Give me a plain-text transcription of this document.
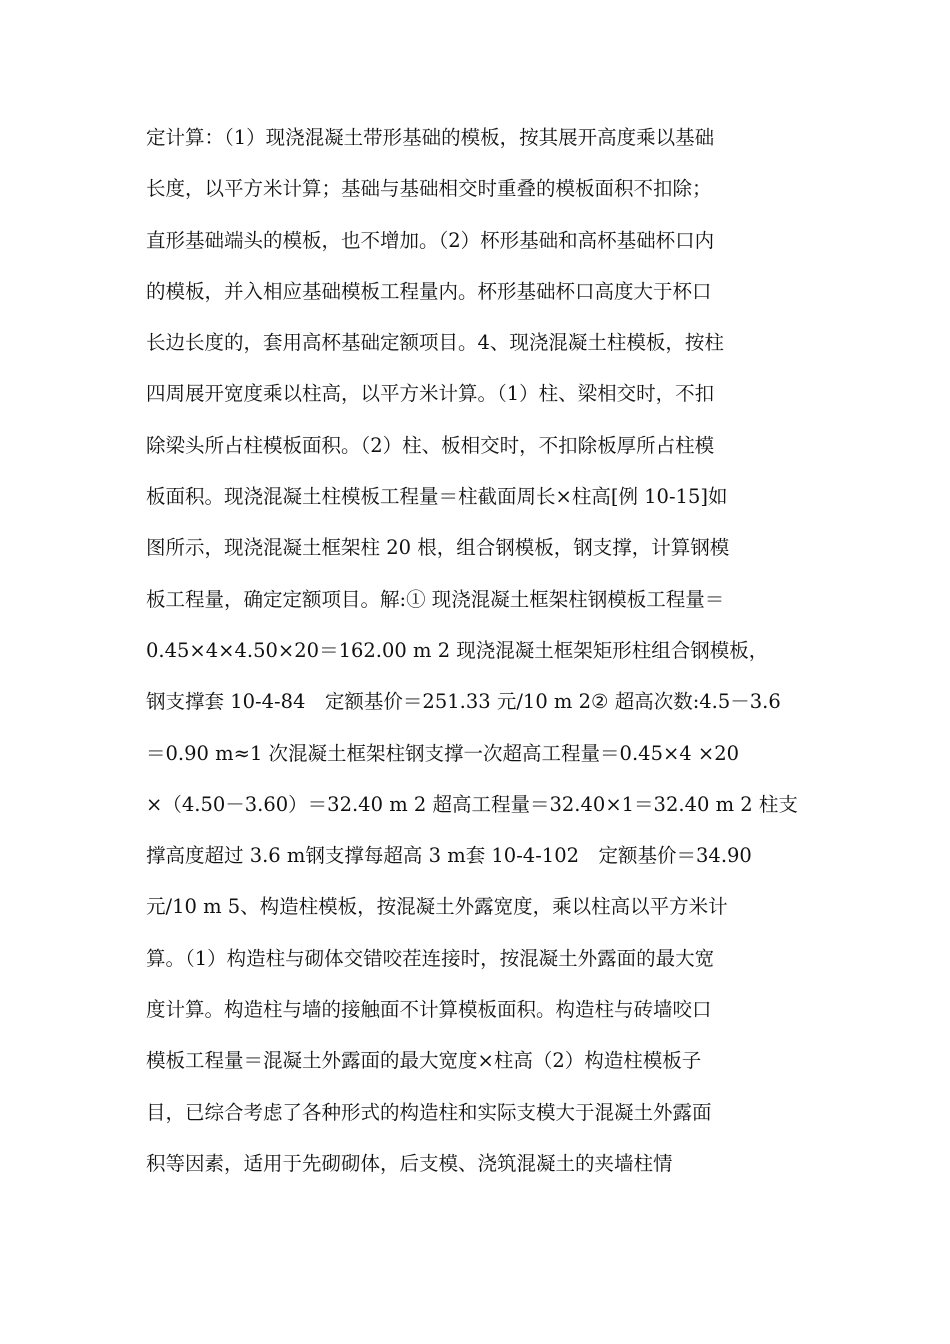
定计算：（1）现浇混凝土带形基础的模板，按其展开高度乘以基础
长度，以平方米计算；基础与基础相交时重叠的模板面积不扣除；
直形基础端头的模板，也不增加。（2）杯形基础和高杯基础杯口内
的模板，并入相应基础模板工程量内。杯形基础杯口高度大于杯口
长边长度的，套用高杯基础定额项目。4、现浇混凝土柱模板，按柱
四周展开宽度乘以柱高，以平方米计算。（1）柱、梁相交时，不扣
除梁头所占柱模板面积。（2）柱、板相交时，不扣除板厚所占柱模
板面积。现浇混凝土柱模板工程量＝柱截面周长×柱高[例 10-15]如
图所示，现浇混凝土框架柱 20 根，组合钢模板，钢支撑，计算钢模
板工程量，确定定额项目。解:① 现浇混凝土框架柱钢模板工程量＝
0.45×4×4.50×20＝162.00 m 2 现浇混凝土框架矩形柱组合钢模板，
钢支撑套 10-4-84　定额基价＝251.33 元/10 m 2② 超高次数:4.5－3.6
＝0.90 m≈1 次混凝土框架柱钢支撑一次超高工程量＝0.45×4 ×20
×（4.50－3.60）＝32.40 m 2 超高工程量＝32.40×1＝32.40 m 2 柱支
撑高度超过 3.6 m钢支撑每超高 3 m套 10-4-102　定额基价＝34.90
元/10 m 5、构造柱模板，按混凝土外露宽度，乘以柱高以平方米计
算。（1）构造柱与砌体交错咬茬连接时，按混凝土外露面的最大宽
度计算。构造柱与墙的接触面不计算模板面积。构造柱与砖墙咬口
模板工程量＝混凝土外露面的最大宽度×柱高（2）构造柱模板子
目，已综合考虑了各种形式的构造柱和实际支模大于混凝土外露面
积等因素，适用于先砌砌体，后支模、浇筑混凝土的夹墙柱情
